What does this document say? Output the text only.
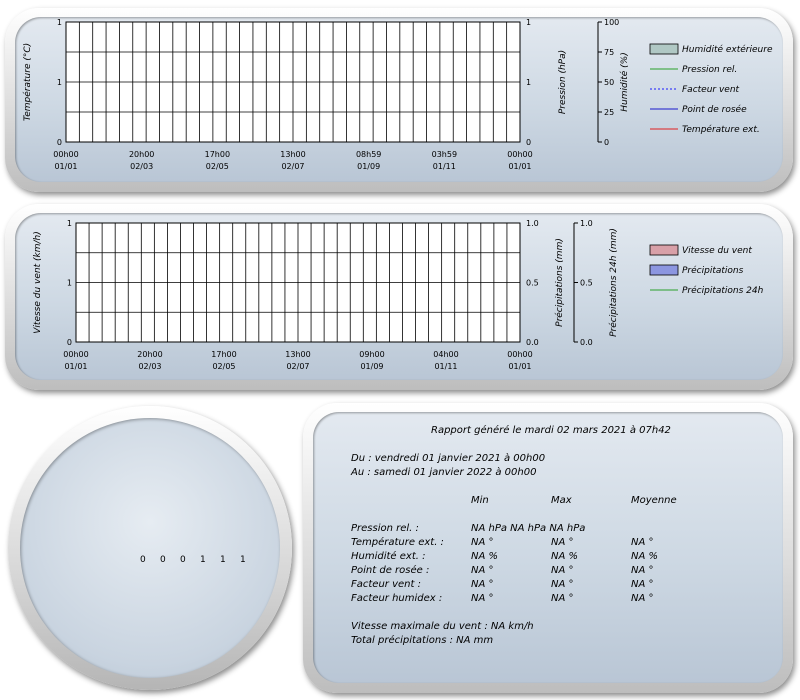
0
1
1
0
1
1
0
25
50
75
100
00h00
01/01
20h00
02/03
17h00
02/05
13h00
02/07
08h59
01/09
03h59
01/11
00h00
01/01
Température (°C)	Pression (hPa)	Humidité (%)
Humidité extérieure
Pression rel.
Facteur vent
Point de rosée
Température ext.
0
1
1
0.0
0.5
1.0
0.0
0.5
1.0
00h00
01/01
20h00
02/03
17h00
02/05
13h00
02/07
09h00
01/09
04h00
01/11
00h00
01/01
Vitesse du vent (km/h)	Précipitations (mm)	Précipitations 24h (mm)	Vitesse du vent
Précipitations
Précipitations 24h
0 0 0 1 1 1
Rapport généré le mardi 02 mars 2021 à 07h42
Du : vendredi 01 janvier 2021 à 00h00
Au : samedi 01 janvier 2022 à 00h00
Min	Max	Moyenne
Pression rel. :	NA hPa NA hPa NA hPa
Température ext. :	NA °	NA °	NA °
Humidité ext. :	NA %	NA %	NA %
Point de rosée :	NA °	NA °	NA °
Facteur vent :	NA °	NA °	NA °
Facteur humidex :	NA °	NA °	NA °
Vitesse maximale du vent : NA km/h
Total précipitations : NA mm
